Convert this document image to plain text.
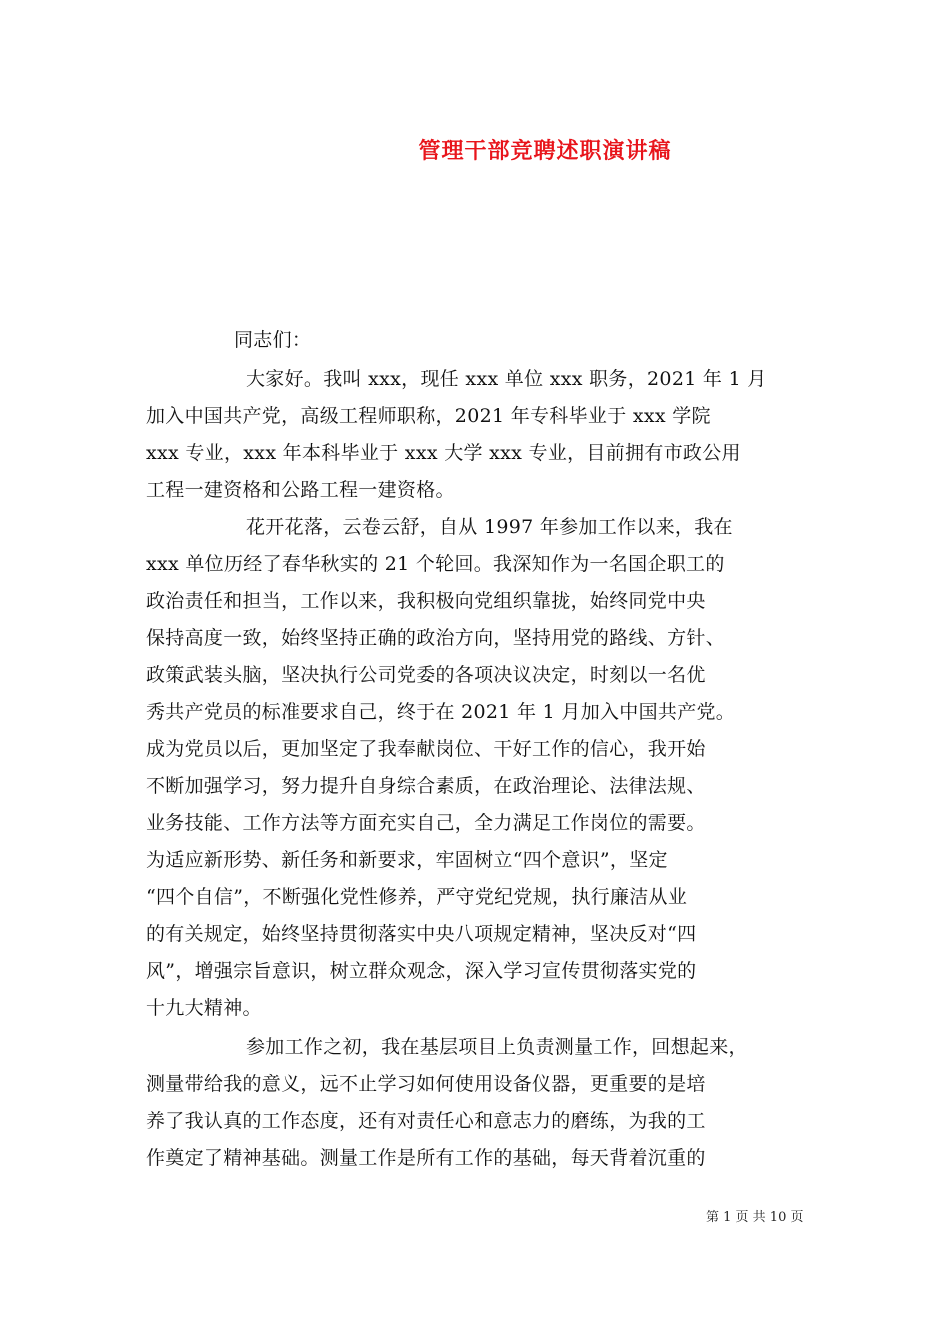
管理干部竞聘述职演讲稿
同志们：
大家好。我叫 xxx，现任 xxx 单位 xxx 职务，2021 年 1 月
加入中国共产党，高级工程师职称，2021 年专科毕业于 xxx 学院
xxx 专业，xxx 年本科毕业于 xxx 大学 xxx 专业，目前拥有市政公用
工程一建资格和公路工程一建资格。
花开花落，云卷云舒，自从 1997 年参加工作以来，我在
xxx 单位历经了春华秋实的 21 个轮回。我深知作为一名国企职工的
政治责任和担当，工作以来，我积极向党组织靠拢，始终同党中央
保持高度一致，始终坚持正确的政治方向，坚持用党的路线、方针、
政策武装头脑，坚决执行公司党委的各项决议决定，时刻以一名优
秀共产党员的标准要求自己，终于在 2021 年 1 月加入中国共产党。
成为党员以后，更加坚定了我奉献岗位、干好工作的信心，我开始
不断加强学习，努力提升自身综合素质，在政治理论、法律法规、
业务技能、工作方法等方面充实自己，全力满足工作岗位的需要。
为适应新形势、新任务和新要求，牢固树立“四个意识”，坚定
“四个自信”，不断强化党性修养，严守党纪党规，执行廉洁从业
的有关规定，始终坚持贯彻落实中央八项规定精神，坚决反对“四
风”，增强宗旨意识，树立群众观念，深入学习宣传贯彻落实党的
十九大精神。
参加工作之初，我在基层项目上负责测量工作，回想起来，
测量带给我的意义，远不止学习如何使用设备仪器，更重要的是培
养了我认真的工作态度，还有对责任心和意志力的磨练，为我的工
作奠定了精神基础。测量工作是所有工作的基础，每天背着沉重的
第 1 页 共 10 页
